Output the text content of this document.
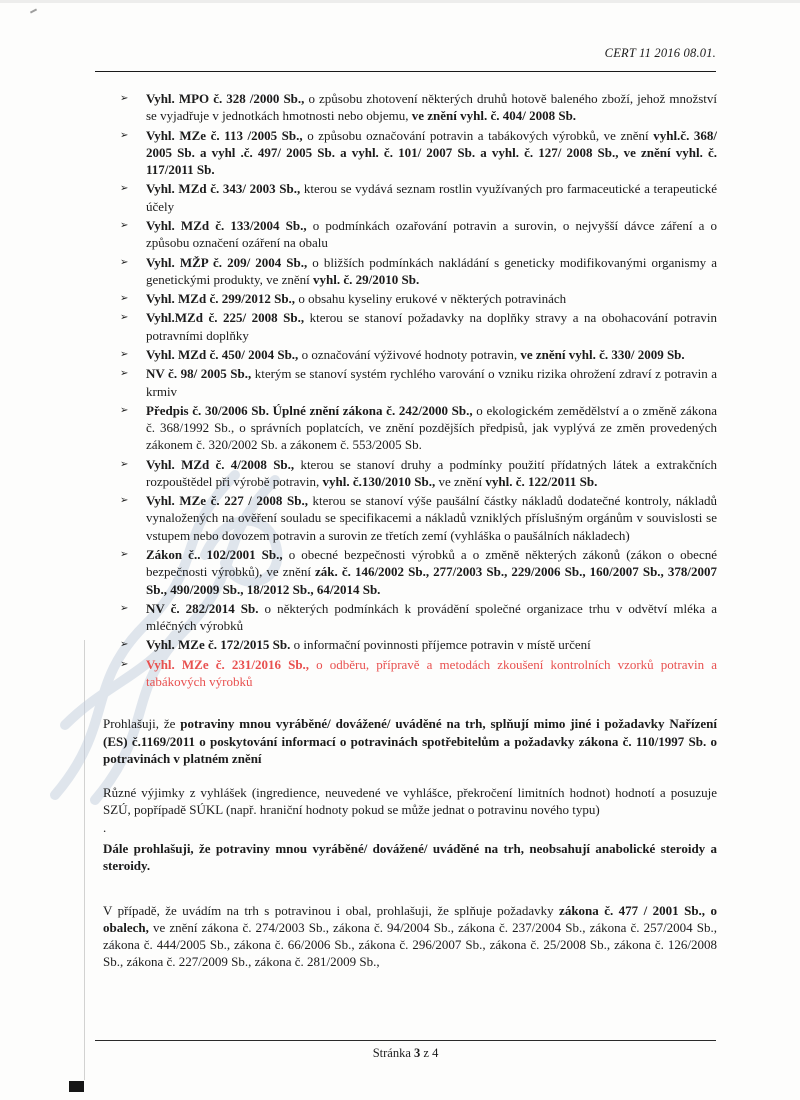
CERT 11 2016 08.01.
➢	Vyhl. MPO č. 328 /2000 Sb., o způsobu zhotovení některých druhů hotově baleného zboží, jehož množství se vyjadřuje v jednotkách hmotnosti nebo objemu, ve znění vyhl. č. 404/ 2008 Sb.
➢	Vyhl. MZe č. 113 /2005 Sb., o způsobu označování potravin a tabákových výrobků, ve znění vyhl.č. 368/ 2005 Sb. a vyhl .č. 497/ 2005 Sb. a vyhl. č. 101/ 2007 Sb. a vyhl. č. 127/ 2008 Sb., ve znění vyhl. č. 117/2011 Sb.
➢	Vyhl. MZd č. 343/ 2003 Sb., kterou se vydává seznam rostlin využívaných pro farmaceutické a terapeutické účely
➢	Vyhl. MZd č. 133/2004 Sb., o podmínkách ozařování potravin a surovin, o nejvyšší dávce záření a o způsobu označení ozáření na obalu
➢	Vyhl. MŽP č. 209/ 2004 Sb., o bližších podmínkách nakládání s geneticky modifikovanými organismy a genetickými produkty, ve znění vyhl. č. 29/2010 Sb.
➢	Vyhl. MZd č. 299/2012 Sb., o obsahu kyseliny erukové v některých potravinách
➢	Vyhl.MZd č. 225/ 2008 Sb., kterou se stanoví požadavky na doplňky stravy a na obohacování potravin potravními doplňky
➢	Vyhl. MZd č. 450/ 2004 Sb., o označování výživové hodnoty potravin, ve znění vyhl. č. 330/ 2009 Sb.
➢	NV č. 98/ 2005 Sb., kterým se stanoví systém rychlého varování o vzniku rizika ohrožení zdraví z potravin a krmiv
➢	Předpis č. 30/2006 Sb. Úplné znění zákona č. 242/2000 Sb., o ekologickém zemědělství a o změně zákona č. 368/1992 Sb., o správních poplatcích, ve znění pozdějších předpisů, jak vyplývá ze změn provedených zákonem č. 320/2002 Sb. a zákonem č. 553/2005 Sb.
➢	Vyhl. MZd č. 4/2008 Sb., kterou se stanoví druhy a podmínky použití přídatných látek a extrakčních rozpouštědel při výrobě potravin, vyhl. č.130/2010 Sb., ve znění vyhl. č. 122/2011 Sb.
➢	Vyhl. MZe č. 227 / 2008 Sb., kterou se stanoví výše paušální částky nákladů dodatečné kontroly, nákladů vynaložených na ověření souladu se specifikacemi a nákladů vzniklých příslušným orgánům v souvislosti se vstupem nebo dovozem potravin a surovin ze třetích zemí (vyhláška o paušálních nákladech)
➢	Zákon č.. 102/2001 Sb., o obecné bezpečnosti výrobků a o změně některých zákonů (zákon o obecné bezpečnosti výrobků), ve znění zák. č. 146/2002 Sb., 277/2003 Sb., 229/2006 Sb., 160/2007 Sb., 378/2007 Sb., 490/2009 Sb., 18/2012 Sb., 64/2014 Sb.
➢	NV č. 282/2014 Sb. o některých podmínkách k provádění společné organizace trhu v odvětví mléka a mléčných výrobků
➢	Vyhl. MZe č. 172/2015 Sb. o informační povinnosti příjemce potravin v místě určení
➢	Vyhl. MZe č. 231/2016 Sb., o odběru, přípravě a metodách zkoušení kontrolních vzorků potravin a tabákových výrobků

Prohlašuji, že potraviny mnou vyráběné/ dovážené/ uváděné na trh, splňují mimo jiné i požadavky Nařízení (ES) č.1169/2011 o poskytování informací o potravinách spotřebitelům a požadavky zákona č. 110/1997 Sb. o potravinách v platném znění

Různé výjimky z vyhlášek (ingredience, neuvedené ve vyhlášce, překročení limitních hodnot) hodnotí a posuzuje SZÚ, popřípadě SÚKL (např. hraniční hodnoty pokud se může jednat o potravinu nového typu)

.

Dále prohlašuji, že potraviny mnou vyráběné/ dovážené/ uváděné na trh, neobsahují anabolické steroidy a steroidy.

V případě, že uvádím na trh s potravinou i obal, prohlašuji, že splňuje požadavky zákona č. 477 / 2001 Sb., o obalech, ve znění zákona č. 274/2003 Sb., zákona č. 94/2004 Sb., zákona č. 237/2004 Sb., zákona č. 257/2004 Sb., zákona č. 444/2005 Sb., zákona č. 66/2006 Sb., zákona č. 296/2007 Sb., zákona č. 25/2008 Sb., zákona č. 126/2008 Sb., zákona č. 227/2009 Sb., zákona č. 281/2009 Sb.,

Stránka 3 z 4
